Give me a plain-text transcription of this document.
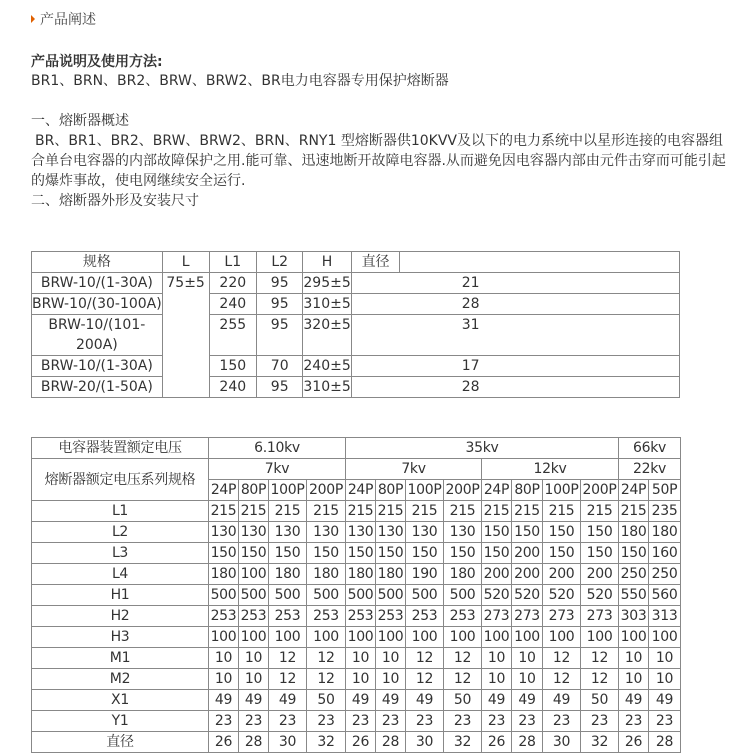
产品阐述
产品说明及使用方法:
BR1、BRN、BR2、BRW、BRW2、BR电力电容器专用保护熔断器

一、熔断器概述

BR、BR1、BR2、BRW、BRW2、BRN、RNY1 型熔断器供10KVV及以下的电力系统中以星形连接的电容器组

合单台电容器的内部故障保护之用.能可靠、迅速地断开故障电容器.从而避免因电容器内部由元件击穿而可能引起

的爆炸事故，使电网继续安全运行.

二、熔断器外形及安装尺寸

规格	L	L1	L2	H	直径	
BRW-10/(1-30A)	75±5	220	95	295±5	21	
BRW-10/(30-100A)		240	95	310±5	28	
BRW-10/(101-200A)		255	95	320±5	31	
BRW-10/(1-30A)		150	70	240±5	17	
BRW-20/(1-50A)		240	95	310±5	28	
电容器装置额定电压	6.10kv				35kv								66kv	
熔断器额定电压系列规格	7kv				7kv				12kv				22kv	
	24P	80P	100P	200P	24P	80P	100P	200P	24P	80P	100P	200P	24P	50P
L1	215	215	215	215	215	215	215	215	215	215	215	215	215	235
L2	130	130	130	130	130	130	130	130	150	150	150	150	180	180
L3	150	150	150	150	150	150	150	150	150	200	150	150	150	160
L4	180	100	180	180	180	180	190	180	200	200	200	200	250	250
H1	500	500	500	500	500	500	500	500	520	520	520	520	550	560
H2	253	253	253	253	253	253	253	253	273	273	273	273	303	313
H3	100	100	100	100	100	100	100	100	100	100	100	100	100	100
M1	10	10	12	12	10	10	12	12	10	10	12	12	10	10
M2	10	10	12	12	10	10	12	12	10	10	12	12	10	10
X1	49	49	49	50	49	49	49	50	49	49	49	50	49	49
Y1	23	23	23	23	23	23	23	23	23	23	23	23	23	23
直径	26	28	30	32	26	28	30	32	26	28	30	32	26	28
